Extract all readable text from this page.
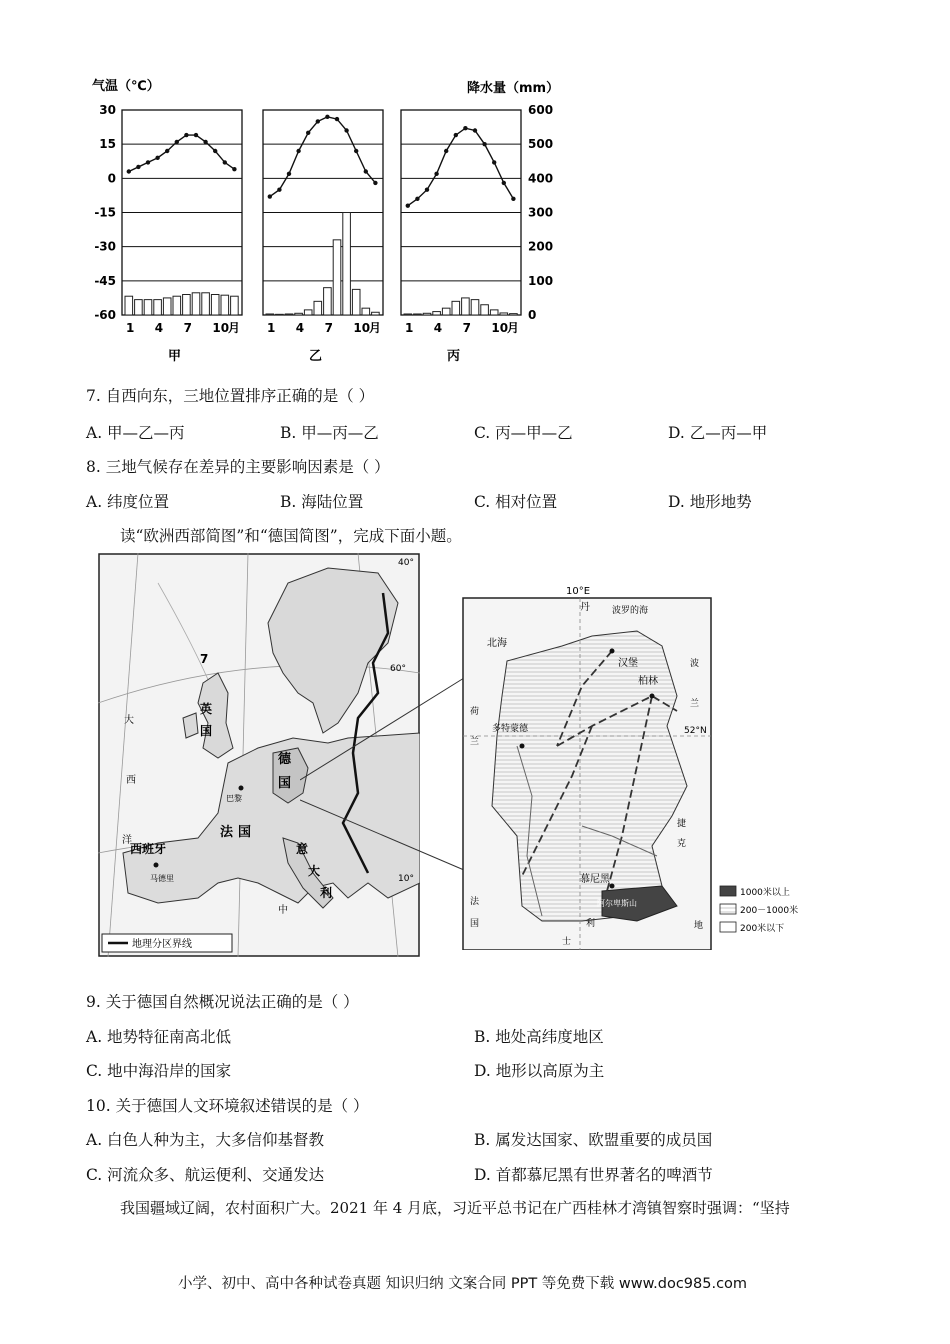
气温（℃）	降水量（mm）
30
15
0
-15
-30
-45
-60
600
500
400
300
200
100
0
1 4 7 10
月
甲
1 4 7 10
月
乙
1 4 7 10
月
丙
7. 自西向东，三地位置排序正确的是（ ）
A. 甲—乙—丙	B. 甲—丙—乙	C. 丙—甲—乙	D. 乙—丙—甲
8. 三地气候存在差异的主要影响因素是（ ）
A. 纬度位置	B. 海陆位置	C. 相对位置	D. 地形地势
读“欧洲西部简图”和“德国简图”，完成下面小题。
40°
60°
10°
7
英国
法 国
德国
西班牙
马德里
巴黎
意大利
大西洋
中
地理分区界线
10°E
52°N
北海
波罗的海
丹
汉堡
柏林
多特蒙德
慕尼黑
阿尔卑斯山
波兰
捷克
荷兰
法国	利
士
地
1000米以上
200－1000米
200米以下
9. 关于德国自然概况说法正确的是（ ）
A. 地势特征南高北低	B. 地处高纬度地区
C. 地中海沿岸的国家	D. 地形以高原为主
10. 关于德国人文环境叙述错误的是（ ）
A. 白色人种为主，大多信仰基督教	B. 属发达国家、欧盟重要的成员国
C. 河流众多、航运便利、交通发达	D. 首都慕尼黑有世界著名的啤酒节
我国疆域辽阔，农村面积广大。2021 年 4 月底，习近平总书记在广西桂林才湾镇智察时强调：“坚持
小学、初中、高中各种试卷真题 知识归纳 文案合同 PPT 等免费下载 www.doc985.com
